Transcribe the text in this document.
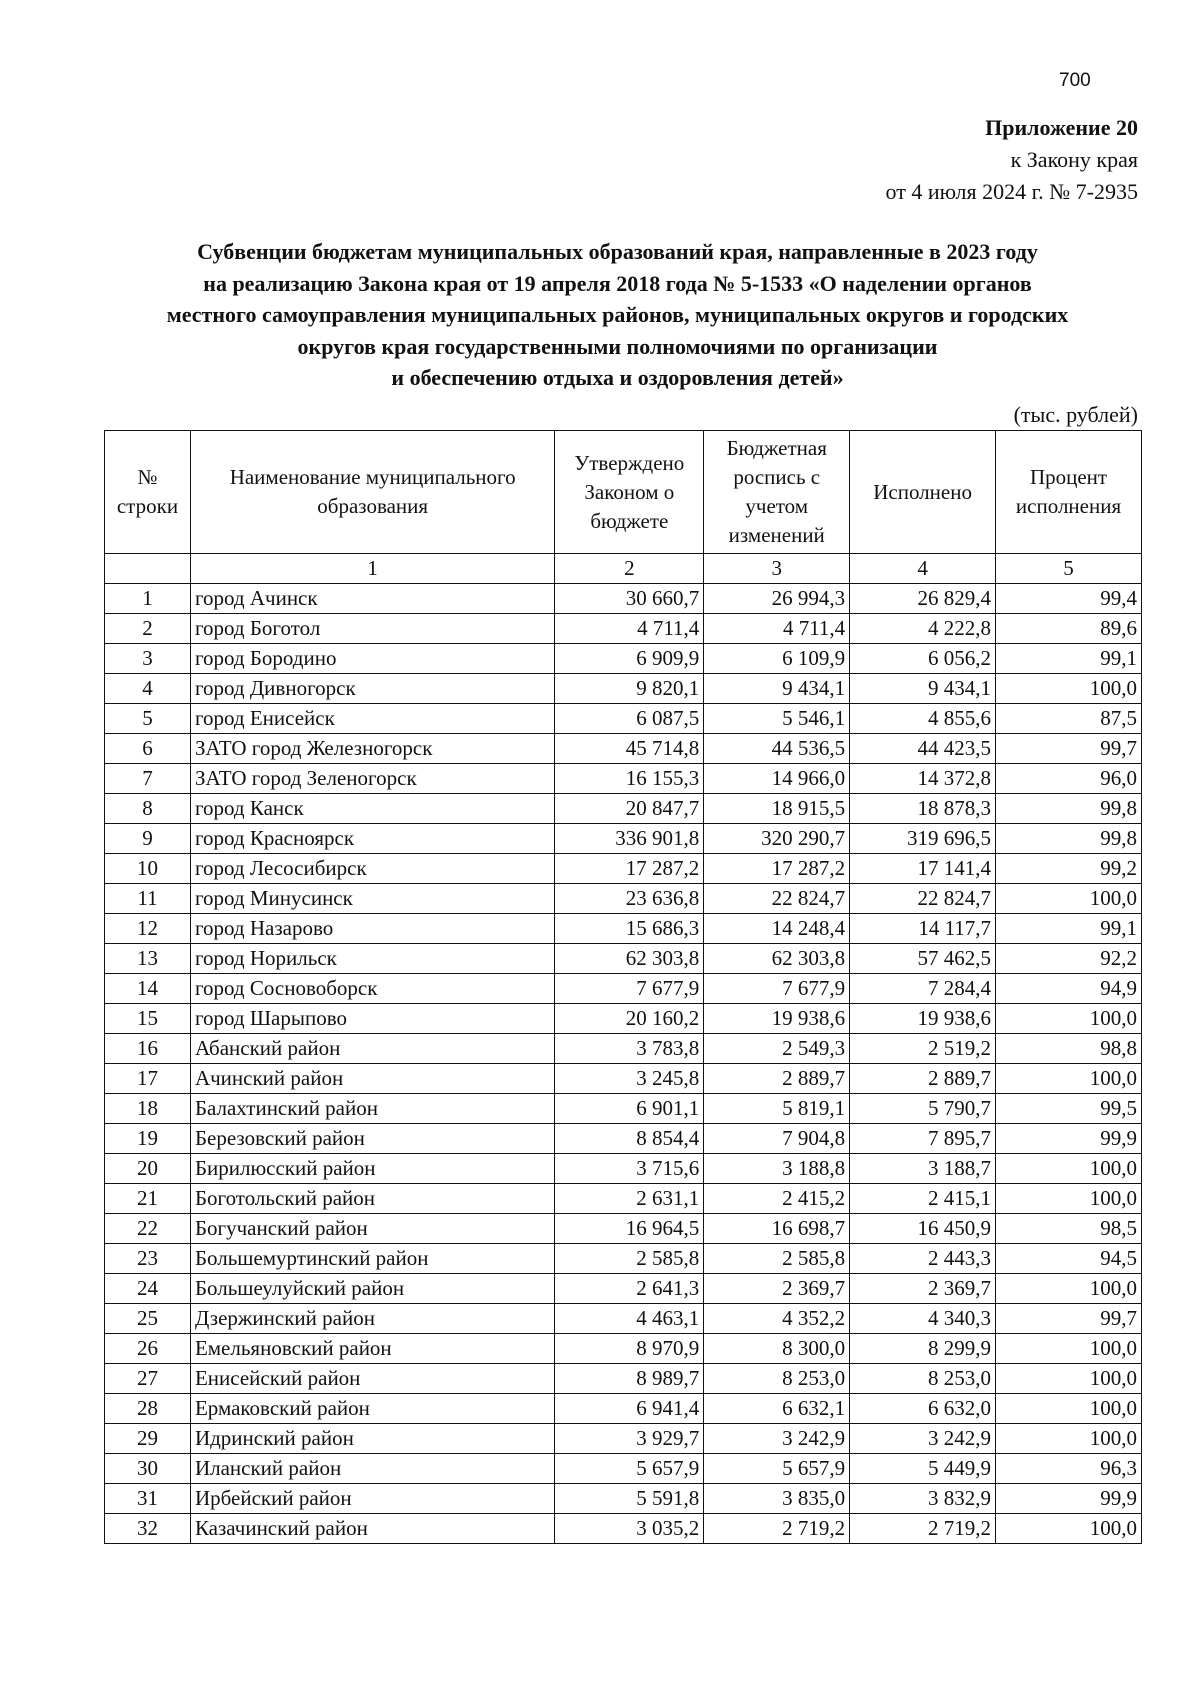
700
Приложение 20
к Закону края
от 4 июля 2024 г. № 7-2935
Субвенции бюджетам муниципальных образований края, направленные в 2023 году
на реализацию Закона края от 19 апреля 2018 года № 5-1533 «О наделении органов
местного самоуправления муниципальных районов, муниципальных округов и городских
округов края государственными полномочиями по организации
и обеспечению отдыха и оздоровления детей»
(тыс. рублей)
№ строки	Наименование муниципального образования	Утверждено Законом о бюджете	Бюджетная роспись с учетом изменений	Исполнено	Процент исполнения
	1	2	3	4	5
1	город Ачинск	30 660,7	26 994,3	26 829,4	99,4
2	город Боготол	4 711,4	4 711,4	4 222,8	89,6
3	город Бородино	6 909,9	6 109,9	6 056,2	99,1
4	город Дивногорск	9 820,1	9 434,1	9 434,1	100,0
5	город Енисейск	6 087,5	5 546,1	4 855,6	87,5
6	ЗАТО город Железногорск	45 714,8	44 536,5	44 423,5	99,7
7	ЗАТО город Зеленогорск	16 155,3	14 966,0	14 372,8	96,0
8	город Канск	20 847,7	18 915,5	18 878,3	99,8
9	город Красноярск	336 901,8	320 290,7	319 696,5	99,8
10	город Лесосибирск	17 287,2	17 287,2	17 141,4	99,2
11	город Минусинск	23 636,8	22 824,7	22 824,7	100,0
12	город Назарово	15 686,3	14 248,4	14 117,7	99,1
13	город Норильск	62 303,8	62 303,8	57 462,5	92,2
14	город Сосновоборск	7 677,9	7 677,9	7 284,4	94,9
15	город Шарыпово	20 160,2	19 938,6	19 938,6	100,0
16	Абанский район	3 783,8	2 549,3	2 519,2	98,8
17	Ачинский район	3 245,8	2 889,7	2 889,7	100,0
18	Балахтинский район	6 901,1	5 819,1	5 790,7	99,5
19	Березовский район	8 854,4	7 904,8	7 895,7	99,9
20	Бирилюсский район	3 715,6	3 188,8	3 188,7	100,0
21	Боготольский район	2 631,1	2 415,2	2 415,1	100,0
22	Богучанский район	16 964,5	16 698,7	16 450,9	98,5
23	Большемуртинский район	2 585,8	2 585,8	2 443,3	94,5
24	Большеулуйский район	2 641,3	2 369,7	2 369,7	100,0
25	Дзержинский район	4 463,1	4 352,2	4 340,3	99,7
26	Емельяновский район	8 970,9	8 300,0	8 299,9	100,0
27	Енисейский район	8 989,7	8 253,0	8 253,0	100,0
28	Ермаковский район	6 941,4	6 632,1	6 632,0	100,0
29	Идринский район	3 929,7	3 242,9	3 242,9	100,0
30	Иланский район	5 657,9	5 657,9	5 449,9	96,3
31	Ирбейский район	5 591,8	3 835,0	3 832,9	99,9
32	Казачинский район	3 035,2	2 719,2	2 719,2	100,0
